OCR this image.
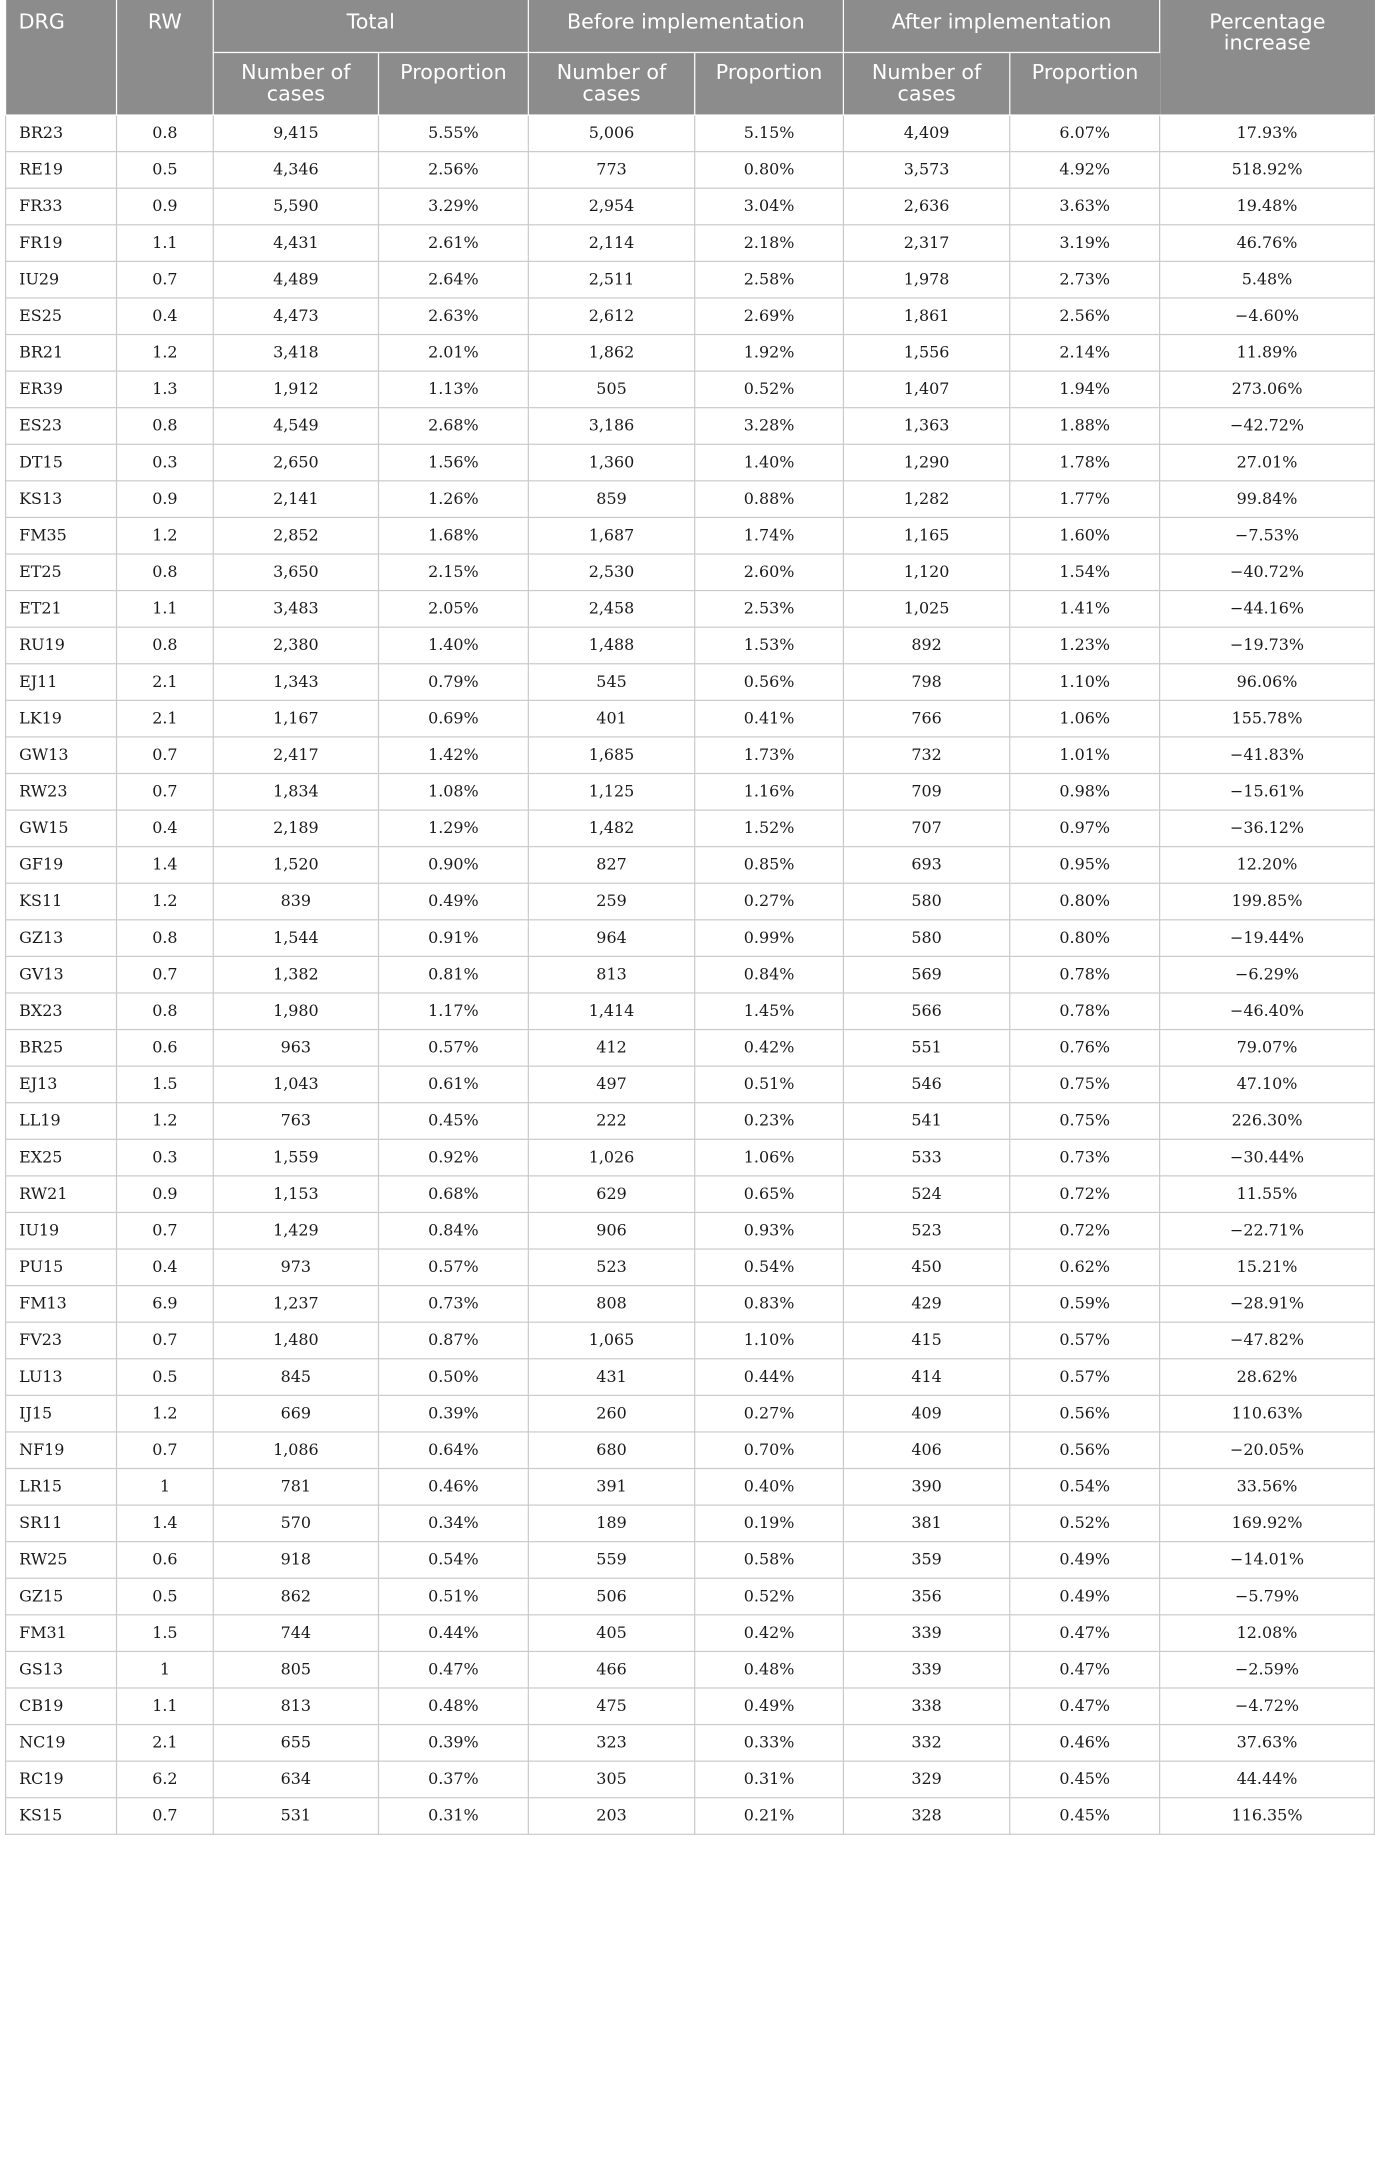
DRG	RW	Total		Before implementation		After implementation		Percentage increase
		Number of cases	Proportion	Number of cases	Proportion	Number of cases	Proportion	
BR23	0.8	9,415	5.55%	5,006	5.15%	4,409	6.07%	17.93%
RE19	0.5	4,346	2.56%	773	0.80%	3,573	4.92%	518.92%
FR33	0.9	5,590	3.29%	2,954	3.04%	2,636	3.63%	19.48%
FR19	1.1	4,431	2.61%	2,114	2.18%	2,317	3.19%	46.76%
IU29	0.7	4,489	2.64%	2,511	2.58%	1,978	2.73%	5.48%
ES25	0.4	4,473	2.63%	2,612	2.69%	1,861	2.56%	−4.60%
BR21	1.2	3,418	2.01%	1,862	1.92%	1,556	2.14%	11.89%
ER39	1.3	1,912	1.13%	505	0.52%	1,407	1.94%	273.06%
ES23	0.8	4,549	2.68%	3,186	3.28%	1,363	1.88%	−42.72%
DT15	0.3	2,650	1.56%	1,360	1.40%	1,290	1.78%	27.01%
KS13	0.9	2,141	1.26%	859	0.88%	1,282	1.77%	99.84%
FM35	1.2	2,852	1.68%	1,687	1.74%	1,165	1.60%	−7.53%
ET25	0.8	3,650	2.15%	2,530	2.60%	1,120	1.54%	−40.72%
ET21	1.1	3,483	2.05%	2,458	2.53%	1,025	1.41%	−44.16%
RU19	0.8	2,380	1.40%	1,488	1.53%	892	1.23%	−19.73%
EJ11	2.1	1,343	0.79%	545	0.56%	798	1.10%	96.06%
LK19	2.1	1,167	0.69%	401	0.41%	766	1.06%	155.78%
GW13	0.7	2,417	1.42%	1,685	1.73%	732	1.01%	−41.83%
RW23	0.7	1,834	1.08%	1,125	1.16%	709	0.98%	−15.61%
GW15	0.4	2,189	1.29%	1,482	1.52%	707	0.97%	−36.12%
GF19	1.4	1,520	0.90%	827	0.85%	693	0.95%	12.20%
KS11	1.2	839	0.49%	259	0.27%	580	0.80%	199.85%
GZ13	0.8	1,544	0.91%	964	0.99%	580	0.80%	−19.44%
GV13	0.7	1,382	0.81%	813	0.84%	569	0.78%	−6.29%
BX23	0.8	1,980	1.17%	1,414	1.45%	566	0.78%	−46.40%
BR25	0.6	963	0.57%	412	0.42%	551	0.76%	79.07%
EJ13	1.5	1,043	0.61%	497	0.51%	546	0.75%	47.10%
LL19	1.2	763	0.45%	222	0.23%	541	0.75%	226.30%
EX25	0.3	1,559	0.92%	1,026	1.06%	533	0.73%	−30.44%
RW21	0.9	1,153	0.68%	629	0.65%	524	0.72%	11.55%
IU19	0.7	1,429	0.84%	906	0.93%	523	0.72%	−22.71%
PU15	0.4	973	0.57%	523	0.54%	450	0.62%	15.21%
FM13	6.9	1,237	0.73%	808	0.83%	429	0.59%	−28.91%
FV23	0.7	1,480	0.87%	1,065	1.10%	415	0.57%	−47.82%
LU13	0.5	845	0.50%	431	0.44%	414	0.57%	28.62%
IJ15	1.2	669	0.39%	260	0.27%	409	0.56%	110.63%
NF19	0.7	1,086	0.64%	680	0.70%	406	0.56%	−20.05%
LR15	1	781	0.46%	391	0.40%	390	0.54%	33.56%
SR11	1.4	570	0.34%	189	0.19%	381	0.52%	169.92%
RW25	0.6	918	0.54%	559	0.58%	359	0.49%	−14.01%
GZ15	0.5	862	0.51%	506	0.52%	356	0.49%	−5.79%
FM31	1.5	744	0.44%	405	0.42%	339	0.47%	12.08%
GS13	1	805	0.47%	466	0.48%	339	0.47%	−2.59%
CB19	1.1	813	0.48%	475	0.49%	338	0.47%	−4.72%
NC19	2.1	655	0.39%	323	0.33%	332	0.46%	37.63%
RC19	6.2	634	0.37%	305	0.31%	329	0.45%	44.44%
KS15	0.7	531	0.31%	203	0.21%	328	0.45%	116.35%
